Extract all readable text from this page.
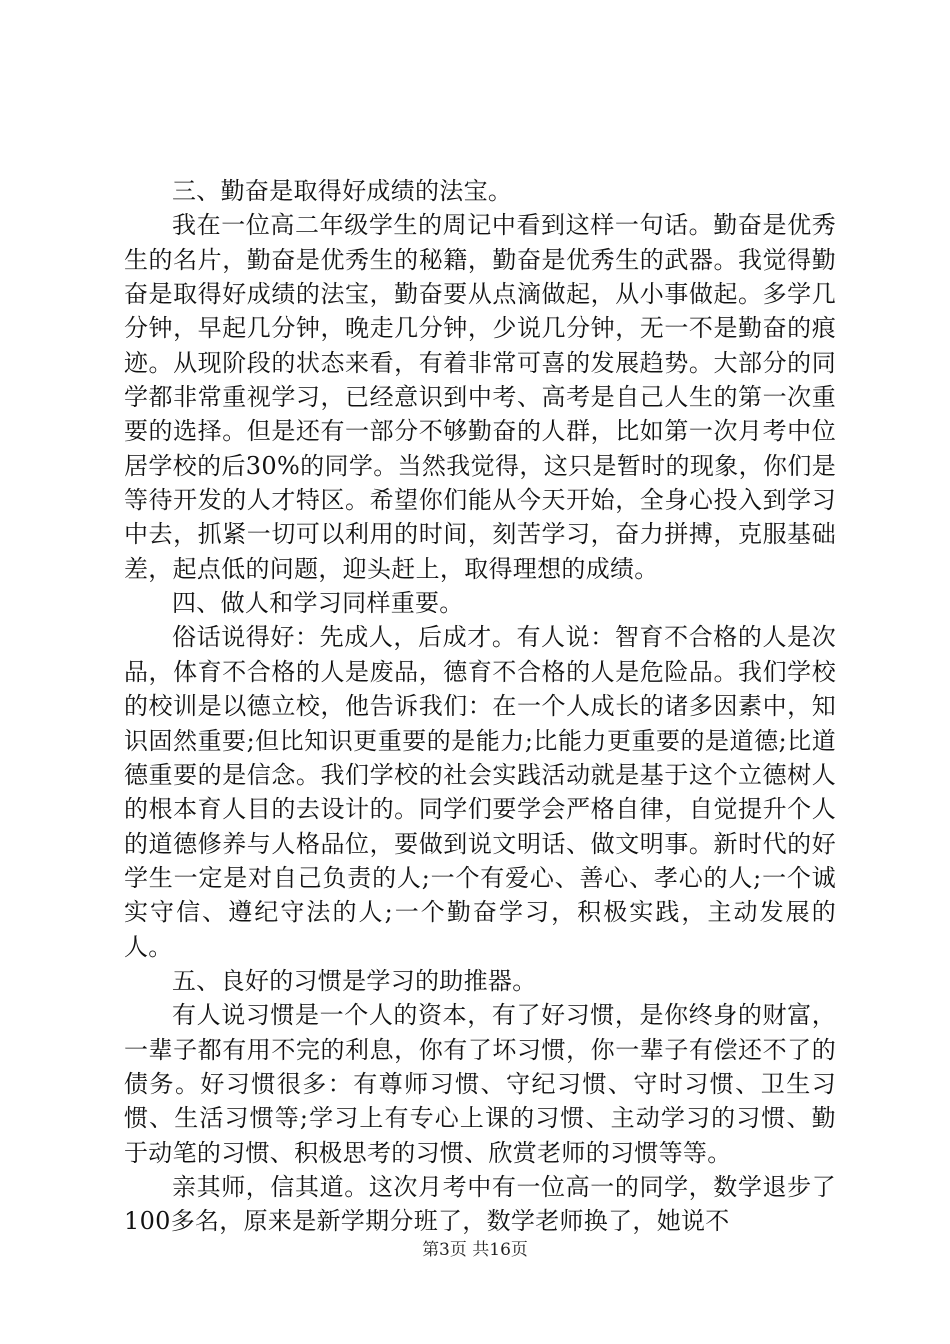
三、勤奋是取得好成绩的法宝。

我在一位高二年级学生的周记中看到这样一句话。勤奋是优秀生的名片，勤奋是优秀生的秘籍，勤奋是优秀生的武器。我觉得勤奋是取得好成绩的法宝，勤奋要从点滴做起，从小事做起。多学几分钟，早起几分钟，晚走几分钟，少说几分钟，无一不是勤奋的痕迹。从现阶段的状态来看，有着非常可喜的发展趋势。大部分的同学都非常重视学习，已经意识到中考、高考是自己人生的第一次重要的选择。但是还有一部分不够勤奋的人群，比如第一次月考中位居学校的后30%的同学。当然我觉得，这只是暂时的现象，你们是等待开发的人才特区。希望你们能从今天开始，全身心投入到学习中去，抓紧一切可以利用的时间，刻苦学习，奋力拼搏，克服基础差，起点低的问题，迎头赶上，取得理想的成绩。

四、做人和学习同样重要。

俗话说得好：先成人，后成才。有人说：智育不合格的人是次品，体育不合格的人是废品，德育不合格的人是危险品。我们学校的校训是以德立校，他告诉我们：在一个人成长的诸多因素中，知识固然重要;但比知识更重要的是能力;比能力更重要的是道德;比道德重要的是信念。我们学校的社会实践活动就是基于这个立德树人的根本育人目的去设计的。同学们要学会严格自律，自觉提升个人的道德修养与人格品位，要做到说文明话、做文明事。新时代的好学生一定是对自己负责的人;一个有爱心、善心、孝心的人;一个诚实守信、遵纪守法的人;一个勤奋学习，积极实践，主动发展的人。

五、良好的习惯是学习的助推器。

有人说习惯是一个人的资本，有了好习惯，是你终身的财富，一辈子都有用不完的利息，你有了坏习惯，你一辈子有偿还不了的债务。好习惯很多：有尊师习惯、守纪习惯、守时习惯、卫生习惯、生活习惯等;学习上有专心上课的习惯、主动学习的习惯、勤于动笔的习惯、积极思考的习惯、欣赏老师的习惯等等。

亲其师，信其道。这次月考中有一位高一的同学，数学退步了100多名，原来是新学期分班了，数学老师换了，她说不

第3页 共16页
